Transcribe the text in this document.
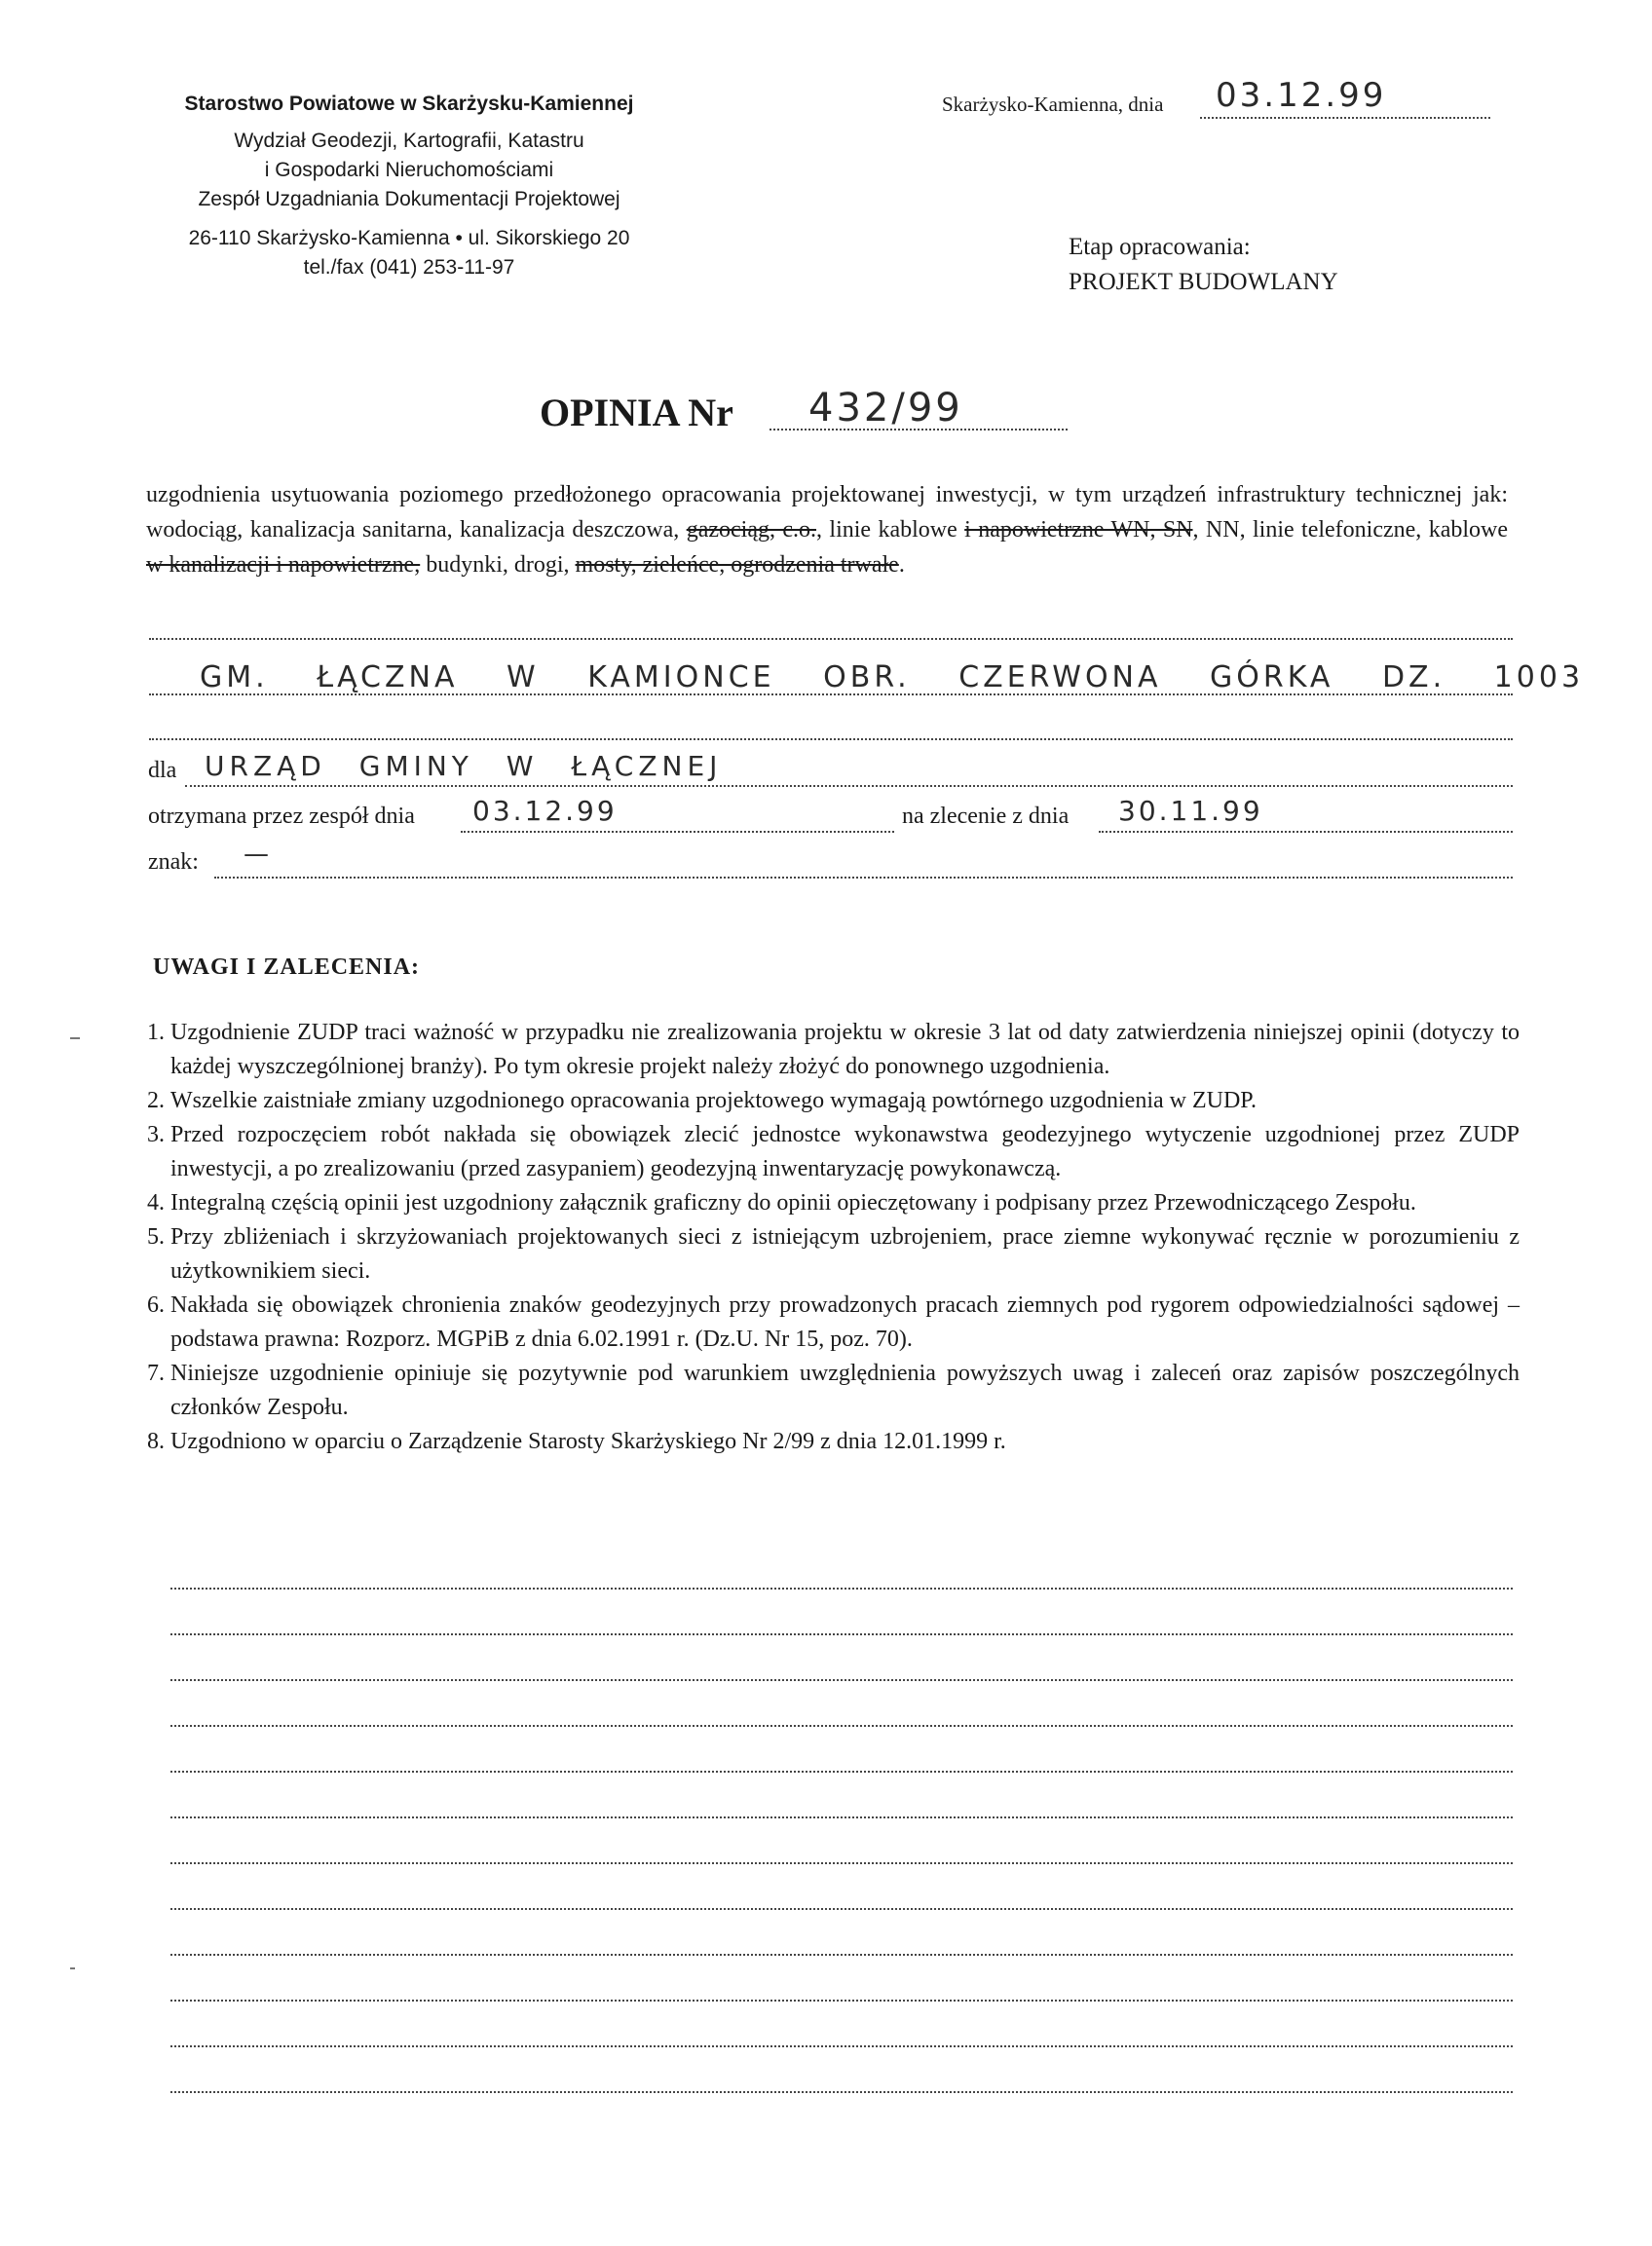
Starostwo Powiatowe w Skarżysku-Kamiennej
Wydział Geodezji, Kartografii, Katastru
i Gospodarki Nieruchomościami
Zespół Uzgadniania Dokumentacji Projektowej
26-110 Skarżysko-Kamienna • ul. Sikorskiego 20
tel./fax (041) 253-11-97
Skarżysko-Kamienna, dnia 03.12.99
Etap opracowania:
PROJEKT BUDOWLANY
OPINIA Nr 432/99
uzgodnienia usytuowania poziomego przedłożonego opracowania projektowanej inwestycji, w tym urządzeń infrastruktury technicznej jak: wodociąg, kanalizacja sanitarna, kanalizacja deszczowa, gazociąg, c.o., linie kablowe i napowietrzne WN, SN, NN, linie telefoniczne, kablowe w kanalizacji i napowietrzne, budynki, drogi, mosty, zieleńce, ogrodzenia trwałe.
GM. ŁĄCZNA W KAMIONCE OBR. CZERWONA GÓRKA DZ. 1003
dla URZĄD GMINY W ŁĄCZNEJ
otrzymana przez zespół dnia 03.12.99	na zlecenie z dnia 30.11.99
znak: —
UWAGI I ZALECENIA:
1. Uzgodnienie ZUDP traci ważność w przypadku nie zrealizowania projektu w okresie 3 lat od daty zatwierdzenia niniejszej opinii (dotyczy to każdej wyszczególnionej branży). Po tym okresie projekt należy złożyć do ponownego uzgodnienia.
2. Wszelkie zaistniałe zmiany uzgodnionego opracowania projektowego wymagają powtórnego uzgodnienia w ZUDP.
3. Przed rozpoczęciem robót nakłada się obowiązek zlecić jednostce wykonawstwa geodezyjnego wytyczenie uzgodnionej przez ZUDP inwestycji, a po zrealizowaniu (przed zasypaniem) geodezyjną inwentaryzację powykonawczą.
4. Integralną częścią opinii jest uzgodniony załącznik graficzny do opinii opieczętowany i podpisany przez Przewodniczącego Zespołu.
5. Przy zbliżeniach i skrzyżowaniach projektowanych sieci z istniejącym uzbrojeniem, prace ziemne wykonywać ręcznie w porozumieniu z użytkownikiem sieci.
6. Nakłada się obowiązek chronienia znaków geodezyjnych przy prowadzonych pracach ziemnych pod rygorem odpowiedzialności sądowej – podstawa prawna: Rozporz. MGPiB z dnia 6.02.1991 r. (Dz.U. Nr 15, poz. 70).
7. Niniejsze uzgodnienie opiniuje się pozytywnie pod warunkiem uwzględnienia powyższych uwag i zaleceń oraz zapisów poszczególnych członków Zespołu.
8. Uzgodniono w oparciu o Zarządzenie Starosty Skarżyskiego Nr 2/99 z dnia 12.01.1999 r.
